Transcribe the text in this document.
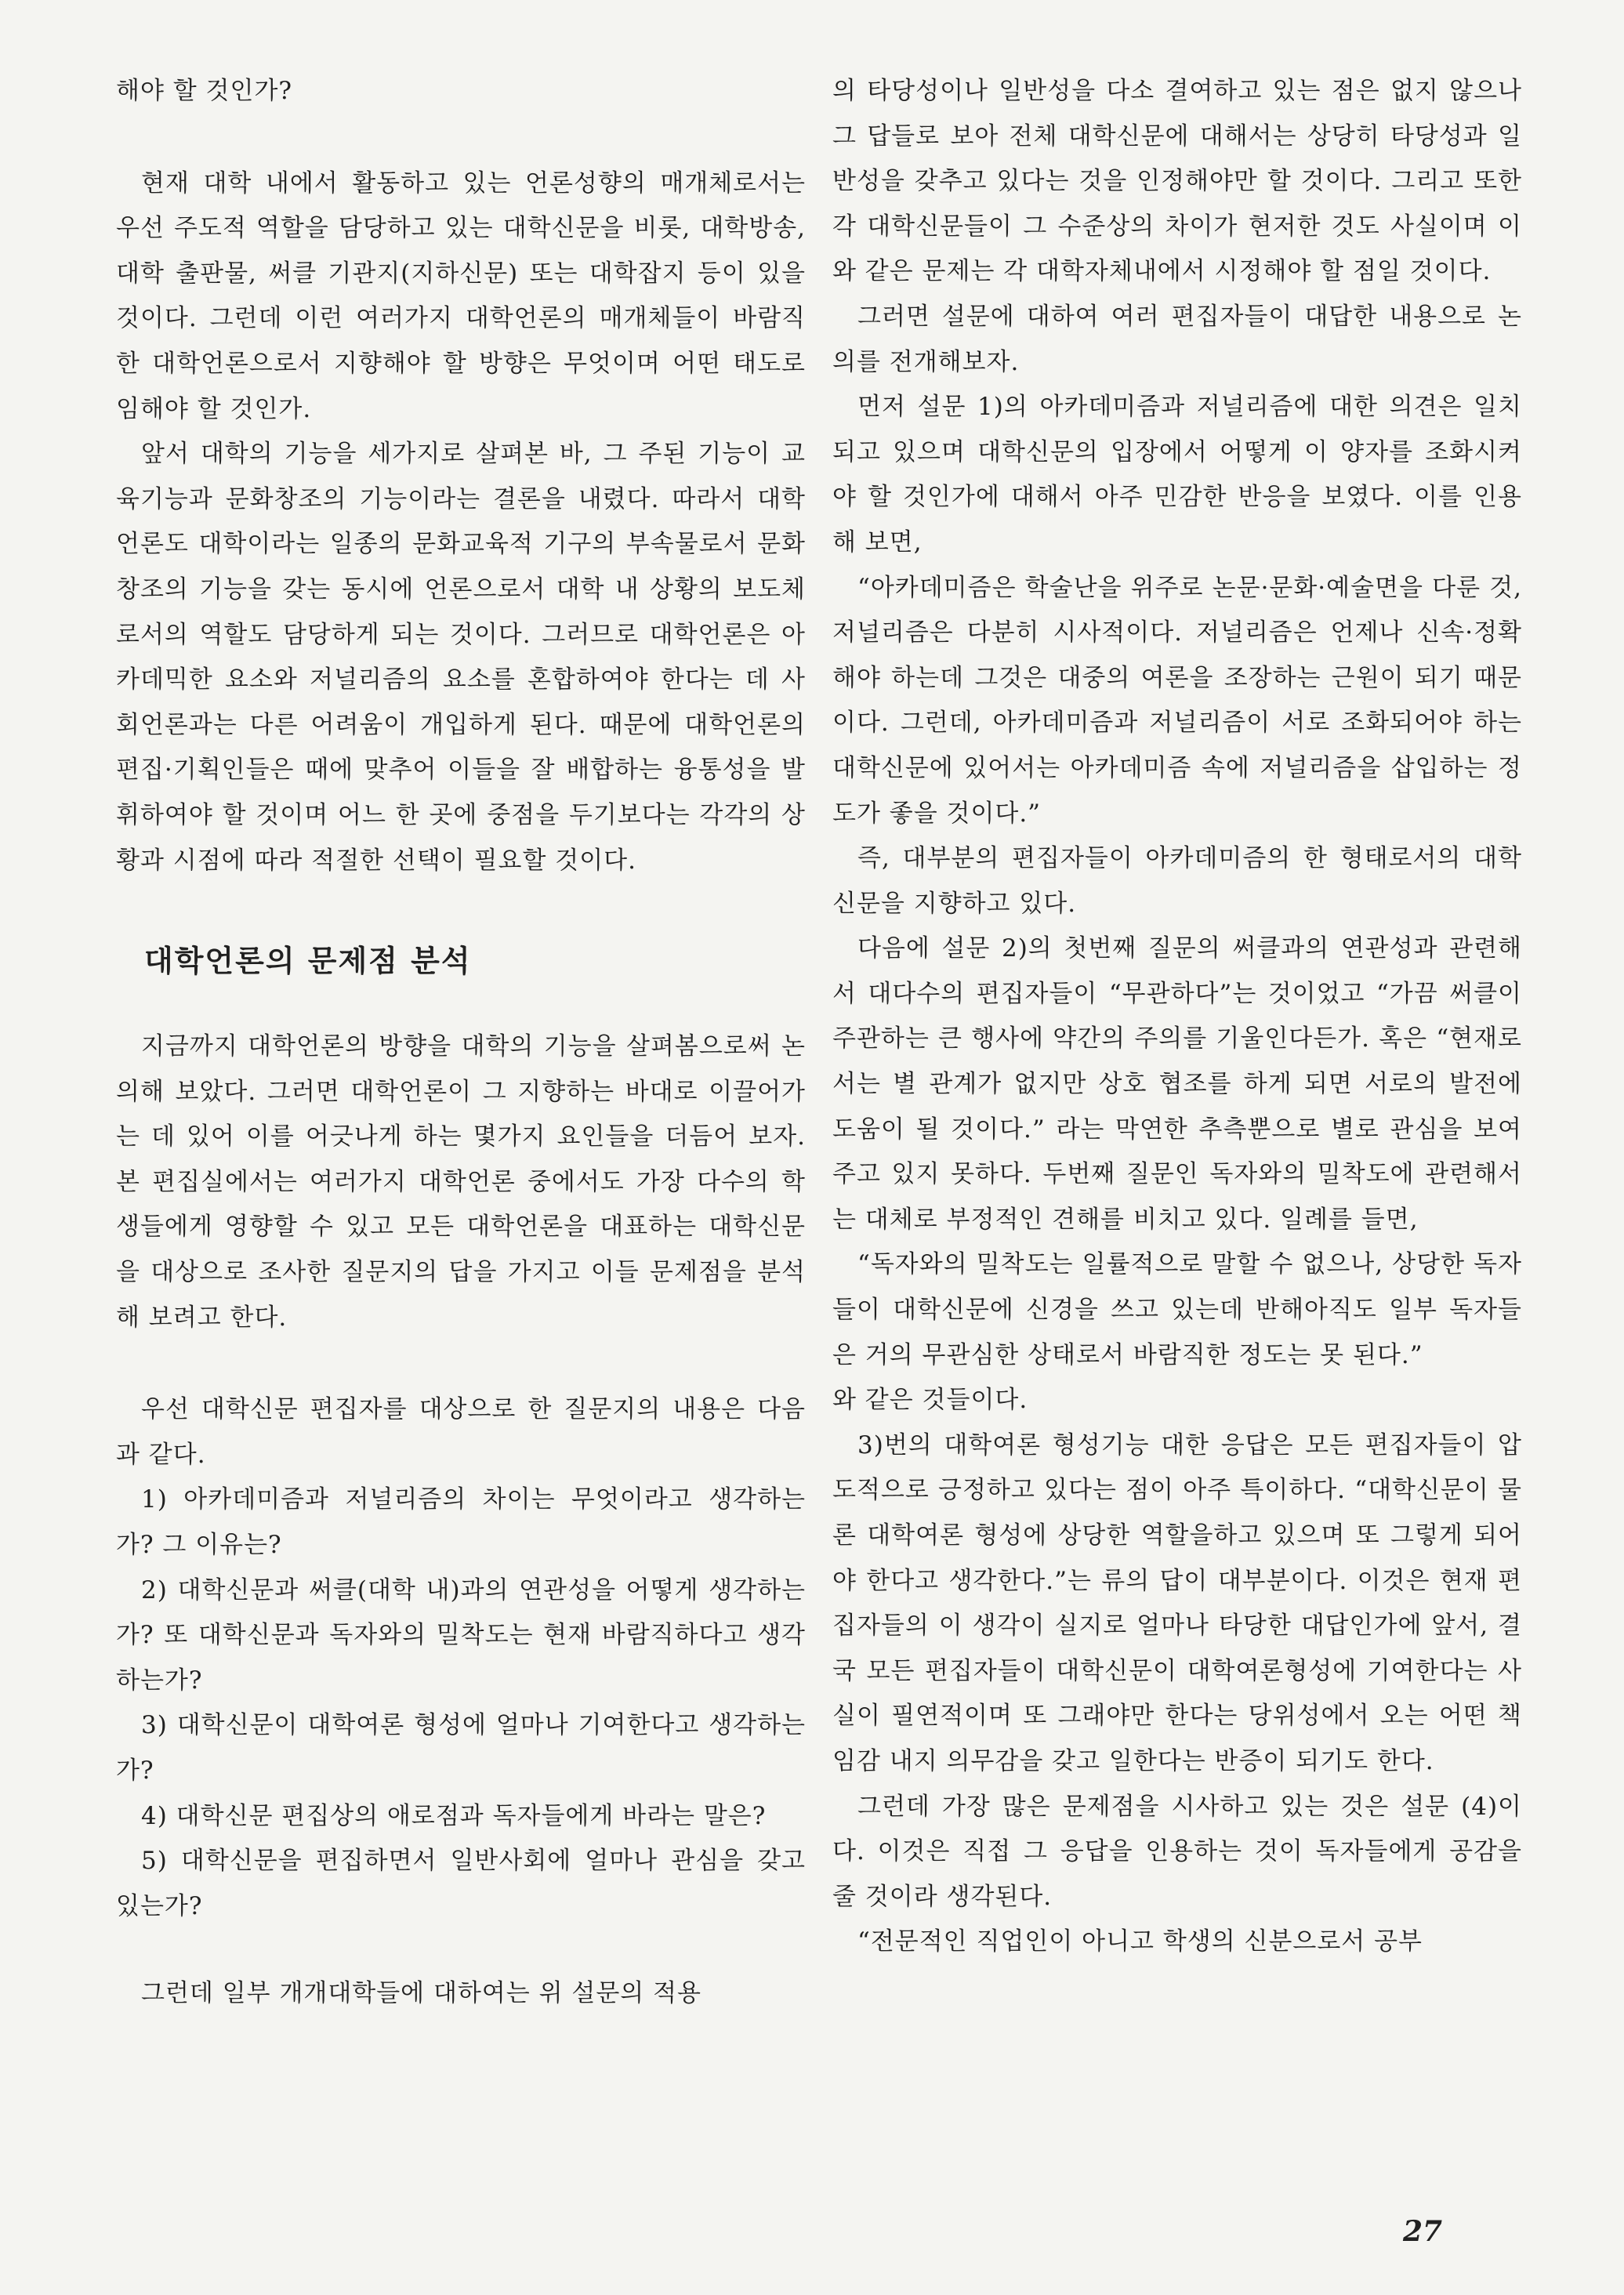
해야 할 것인가?

현재 대학 내에서 활동하고 있는 언론성향의 매개체로서는 우선 주도적 역할을 담당하고 있는 대학신문을 비롯, 대학방송, 대학 출판물, 써클 기관지(지하신문) 또는 대학잡지 등이 있을 것이다. 그런데 이런 여러가지 대학언론의 매개체들이 바람직한 대학언론으로서 지향해야 할 방향은 무엇이며 어떤 태도로 임해야 할 것인가.

앞서 대학의 기능을 세가지로 살펴본 바, 그 주된 기능이 교육기능과 문화창조의 기능이라는 결론을 내렸다. 따라서 대학언론도 대학이라는 일종의 문화교육적 기구의 부속물로서 문화창조의 기능을 갖는 동시에 언론으로서 대학 내 상황의 보도체로서의 역할도 담당하게 되는 것이다. 그러므로 대학언론은 아카데믹한 요소와 저널리즘의 요소를 혼합하여야 한다는 데 사회언론과는 다른 어려움이 개입하게 된다. 때문에 대학언론의 편집·기획인들은 때에 맞추어 이들을 잘 배합하는 융통성을 발휘하여야 할 것이며 어느 한 곳에 중점을 두기보다는 각각의 상황과 시점에 따라 적절한 선택이 필요할 것이다.

대학언론의 문제점 분석

지금까지 대학언론의 방향을 대학의 기능을 살펴봄으로써 논의해 보았다. 그러면 대학언론이 그 지향하는 바대로 이끌어가는 데 있어 이를 어긋나게 하는 몇가지 요인들을 더듬어 보자. 본 편집실에서는 여러가지 대학언론 중에서도 가장 다수의 학생들에게 영향할 수 있고 모든 대학언론을 대표하는 대학신문을 대상으로 조사한 질문지의 답을 가지고 이들 문제점을 분석해 보려고 한다.

우선 대학신문 편집자를 대상으로 한 질문지의 내용은 다음과 같다.

1) 아카데미즘과 저널리즘의 차이는 무엇이라고 생각하는가? 그 이유는?

2) 대학신문과 써클(대학 내)과의 연관성을 어떻게 생각하는가? 또 대학신문과 독자와의 밀착도는 현재 바람직하다고 생각하는가?

3) 대학신문이 대학여론 형성에 얼마나 기여한다고 생각하는가?

4) 대학신문 편집상의 애로점과 독자들에게 바라는 말은?

5) 대학신문을 편집하면서 일반사회에 얼마나 관심을 갖고 있는가?

그런데 일부 개개대학들에 대하여는 위 설문의 적용

의 타당성이나 일반성을 다소 결여하고 있는 점은 없지 않으나 그 답들로 보아 전체 대학신문에 대해서는 상당히 타당성과 일반성을 갖추고 있다는 것을 인정해야만 할 것이다. 그리고 또한 각 대학신문들이 그 수준상의 차이가 현저한 것도 사실이며 이와 같은 문제는 각 대학자체내에서 시정해야 할 점일 것이다.

그러면 설문에 대하여 여러 편집자들이 대답한 내용으로 논의를 전개해보자.

먼저 설문 1)의 아카데미즘과 저널리즘에 대한 의견은 일치되고 있으며 대학신문의 입장에서 어떻게 이 양자를 조화시켜야 할 것인가에 대해서 아주 민감한 반응을 보였다. 이를 인용해 보면,

“아카데미즘은 학술난을 위주로 논문·문화·예술면을 다룬 것, 저널리즘은 다분히 시사적이다. 저널리즘은 언제나 신속·정확해야 하는데 그것은 대중의 여론을 조장하는 근원이 되기 때문이다. 그런데, 아카데미즘과 저널리즘이 서로 조화되어야 하는 대학신문에 있어서는 아카데미즘 속에 저널리즘을 삽입하는 정도가 좋을 것이다.”

즉, 대부분의 편집자들이 아카데미즘의 한 형태로서의 대학신문을 지향하고 있다.

다음에 설문 2)의 첫번째 질문의 써클과의 연관성과 관련해서 대다수의 편집자들이 “무관하다”는 것이었고 “가끔 써클이 주관하는 큰 행사에 약간의 주의를 기울인다든가. 혹은 “현재로서는 별 관계가 없지만 상호 협조를 하게 되면 서로의 발전에 도움이 될 것이다.” 라는 막연한 추측뿐으로 별로 관심을 보여주고 있지 못하다. 두번째 질문인 독자와의 밀착도에 관련해서는 대체로 부정적인 견해를 비치고 있다. 일례를 들면,

“독자와의 밀착도는 일률적으로 말할 수 없으나, 상당한 독자들이 대학신문에 신경을 쓰고 있는데 반해아직도 일부 독자들은 거의 무관심한 상태로서 바람직한 정도는 못 된다.”

와 같은 것들이다.

3)번의 대학여론 형성기능 대한 응답은 모든 편집자들이 압도적으로 긍정하고 있다는 점이 아주 특이하다. “대학신문이 물론 대학여론 형성에 상당한 역할을하고 있으며 또 그렇게 되어야 한다고 생각한다.”는 류의 답이 대부분이다. 이것은 현재 편집자들의 이 생각이 실지로 얼마나 타당한 대답인가에 앞서, 결국 모든 편집자들이 대학신문이 대학여론형성에 기여한다는 사실이 필연적이며 또 그래야만 한다는 당위성에서 오는 어떤 책임감 내지 의무감을 갖고 일한다는 반증이 되기도 한다.

그런데 가장 많은 문제점을 시사하고 있는 것은 설문 (4)이다. 이것은 직접 그 응답을 인용하는 것이 독자들에게 공감을 줄 것이라 생각된다.

“전문적인 직업인이 아니고 학생의 신분으로서 공부

27
